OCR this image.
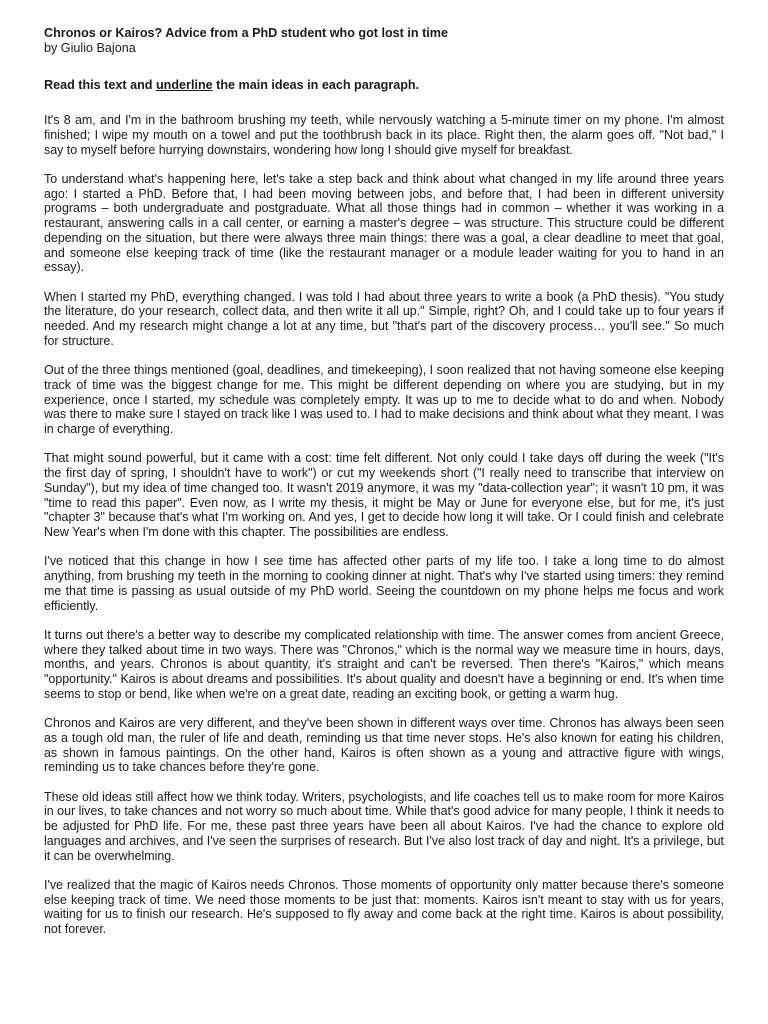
Chronos or Kairos? Advice from a PhD student who got lost in time

by Giulio Bajona

Read this text and underline the main ideas in each paragraph.

It's 8 am, and I'm in the bathroom brushing my teeth, while nervously watching a 5-minute timer on my phone. I'm almost finished; I wipe my mouth on a towel and put the toothbrush back in its place. Right then, the alarm goes off. "Not bad," I say to myself before hurrying downstairs, wondering how long I should give myself for breakfast.

To understand what's happening here, let's take a step back and think about what changed in my life around three years ago: I started a PhD. Before that, I had been moving between jobs, and before that, I had been in different university programs – both undergraduate and postgraduate. What all those things had in common – whether it was working in a restaurant, answering calls in a call center, or earning a master's degree – was structure. This structure could be different depending on the situation, but there were always three main things: there was a goal, a clear deadline to meet that goal, and someone else keeping track of time (like the restaurant manager or a module leader waiting for you to hand in an essay).

When I started my PhD, everything changed. I was told I had about three years to write a book (a PhD thesis). "You study the literature, do your research, collect data, and then write it all up." Simple, right? Oh, and I could take up to four years if needed. And my research might change a lot at any time, but "that's part of the discovery process… you'll see." So much for structure.

Out of the three things mentioned (goal, deadlines, and timekeeping), I soon realized that not having someone else keeping track of time was the biggest change for me. This might be different depending on where you are studying, but in my experience, once I started, my schedule was completely empty. It was up to me to decide what to do and when. Nobody was there to make sure I stayed on track like I was used to. I had to make decisions and think about what they meant. I was in charge of everything.

That might sound powerful, but it came with a cost: time felt different. Not only could I take days off during the week ("It's the first day of spring, I shouldn't have to work") or cut my weekends short ("I really need to transcribe that interview on Sunday"), but my idea of time changed too. It wasn't 2019 anymore, it was my "data-collection year"; it wasn't 10 pm, it was "time to read this paper". Even now, as I write my thesis, it might be May or June for everyone else, but for me, it's just "chapter 3" because that's what I'm working on. And yes, I get to decide how long it will take. Or I could finish and celebrate New Year's when I'm done with this chapter. The possibilities are endless.

I've noticed that this change in how I see time has affected other parts of my life too. I take a long time to do almost anything, from brushing my teeth in the morning to cooking dinner at night. That's why I've started using timers: they remind me that time is passing as usual outside of my PhD world. Seeing the countdown on my phone helps me focus and work efficiently.

It turns out there's a better way to describe my complicated relationship with time. The answer comes from ancient Greece, where they talked about time in two ways. There was "Chronos," which is the normal way we measure time in hours, days, months, and years. Chronos is about quantity, it's straight and can't be reversed. Then there's "Kairos," which means "opportunity." Kairos is about dreams and possibilities. It's about quality and doesn't have a beginning or end. It's when time seems to stop or bend, like when we're on a great date, reading an exciting book, or getting a warm hug.

Chronos and Kairos are very different, and they've been shown in different ways over time. Chronos has always been seen as a tough old man, the ruler of life and death, reminding us that time never stops. He's also known for eating his children, as shown in famous paintings. On the other hand, Kairos is often shown as a young and attractive figure with wings, reminding us to take chances before they're gone.

These old ideas still affect how we think today. Writers, psychologists, and life coaches tell us to make room for more Kairos in our lives, to take chances and not worry so much about time. While that's good advice for many people, I think it needs to be adjusted for PhD life. For me, these past three years have been all about Kairos. I've had the chance to explore old languages and archives, and I've seen the surprises of research. But I've also lost track of day and night. It's a privilege, but it can be overwhelming.

I've realized that the magic of Kairos needs Chronos. Those moments of opportunity only matter because there's someone else keeping track of time. We need those moments to be just that: moments. Kairos isn't meant to stay with us for years, waiting for us to finish our research. He's supposed to fly away and come back at the right time. Kairos is about possibility, not forever.
